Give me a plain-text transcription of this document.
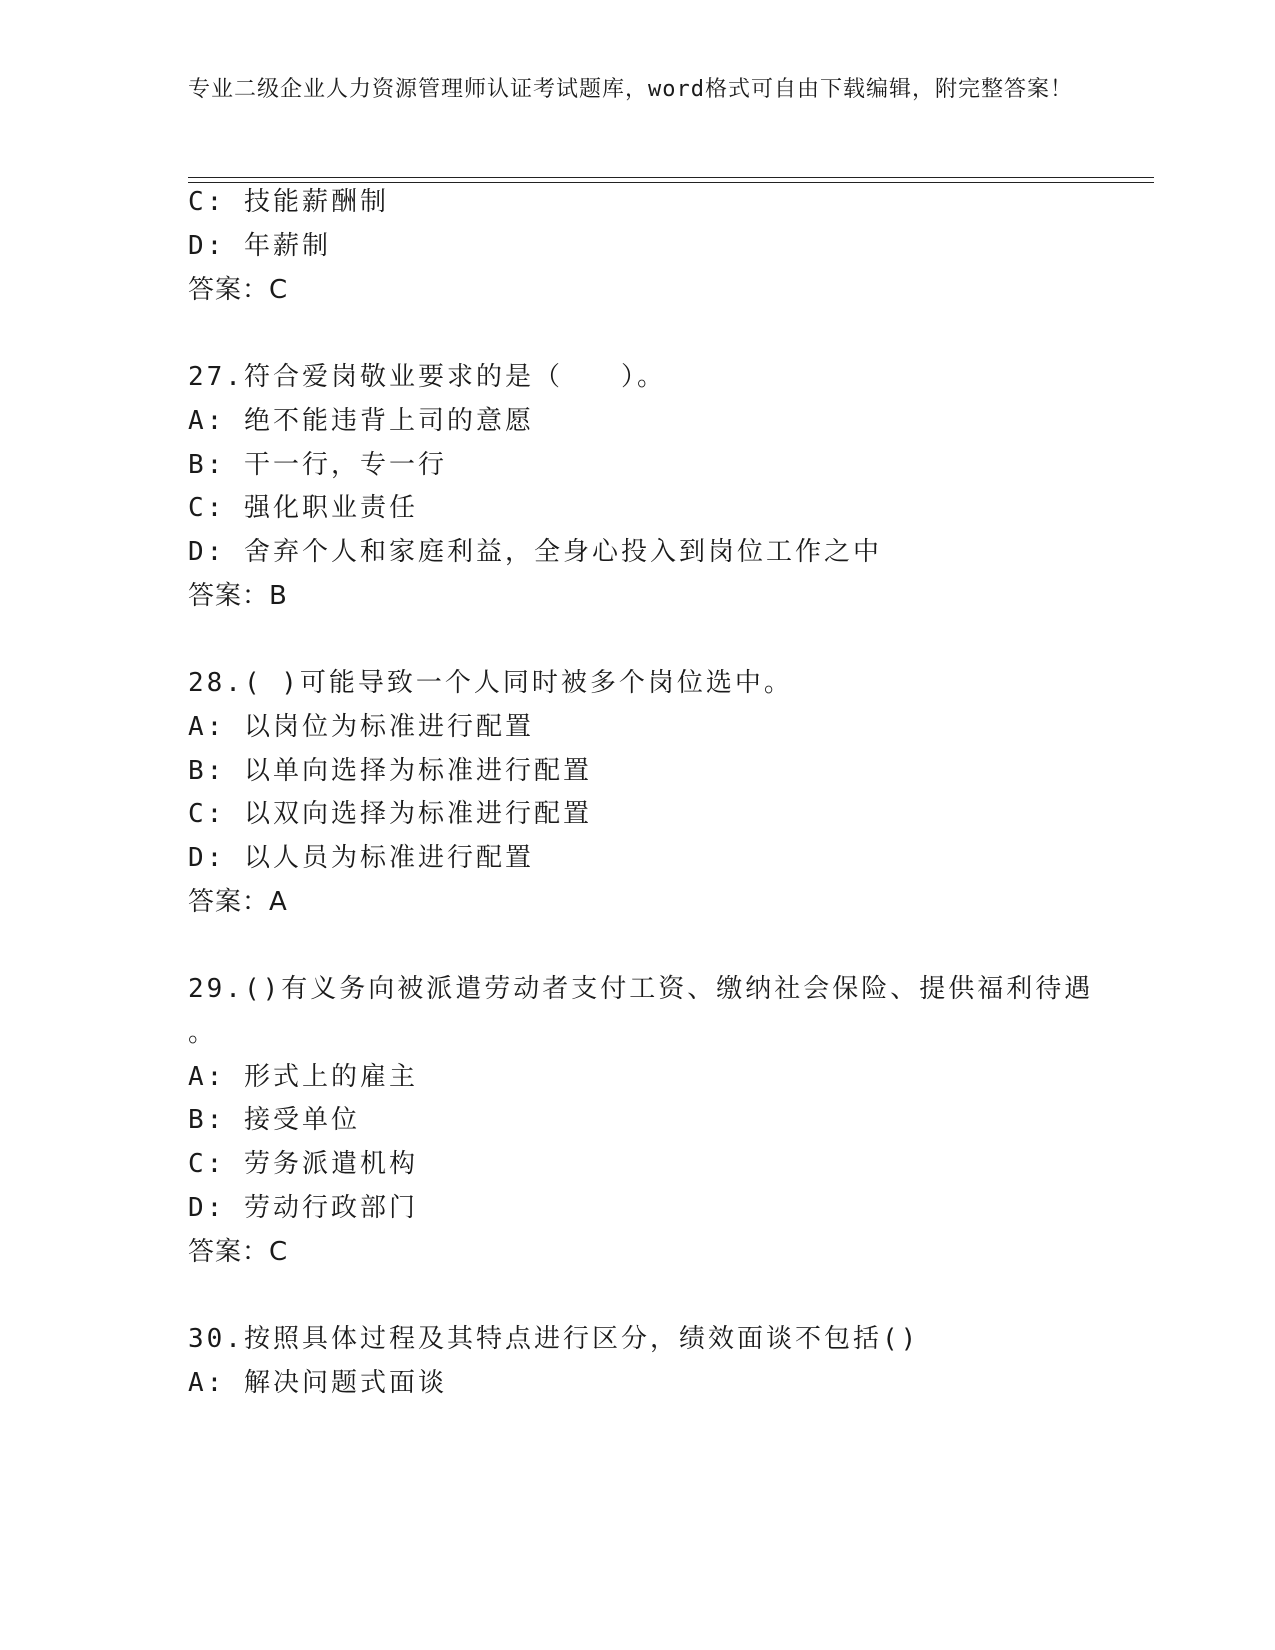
专业二级企业人力资源管理师认证考试题库，word格式可自由下载编辑，附完整答案！
C: 技能薪酬制
D: 年薪制
答案：C
27.符合爱岗敬业要求的是（　　）。
A: 绝不能违背上司的意愿
B: 干一行，专一行
C: 强化职业责任
D: 舍弃个人和家庭利益，全身心投入到岗位工作之中
答案：B
28.( )可能导致一个人同时被多个岗位选中。
A: 以岗位为标准进行配置
B: 以单向选择为标准进行配置
C: 以双向选择为标准进行配置
D: 以人员为标准进行配置
答案：A
29.()有义务向被派遣劳动者支付工资、缴纳社会保险、提供福利待遇
。
A: 形式上的雇主
B: 接受单位
C: 劳务派遣机构
D: 劳动行政部门
答案：C
30.按照具体过程及其特点进行区分，绩效面谈不包括()
A: 解决问题式面谈
